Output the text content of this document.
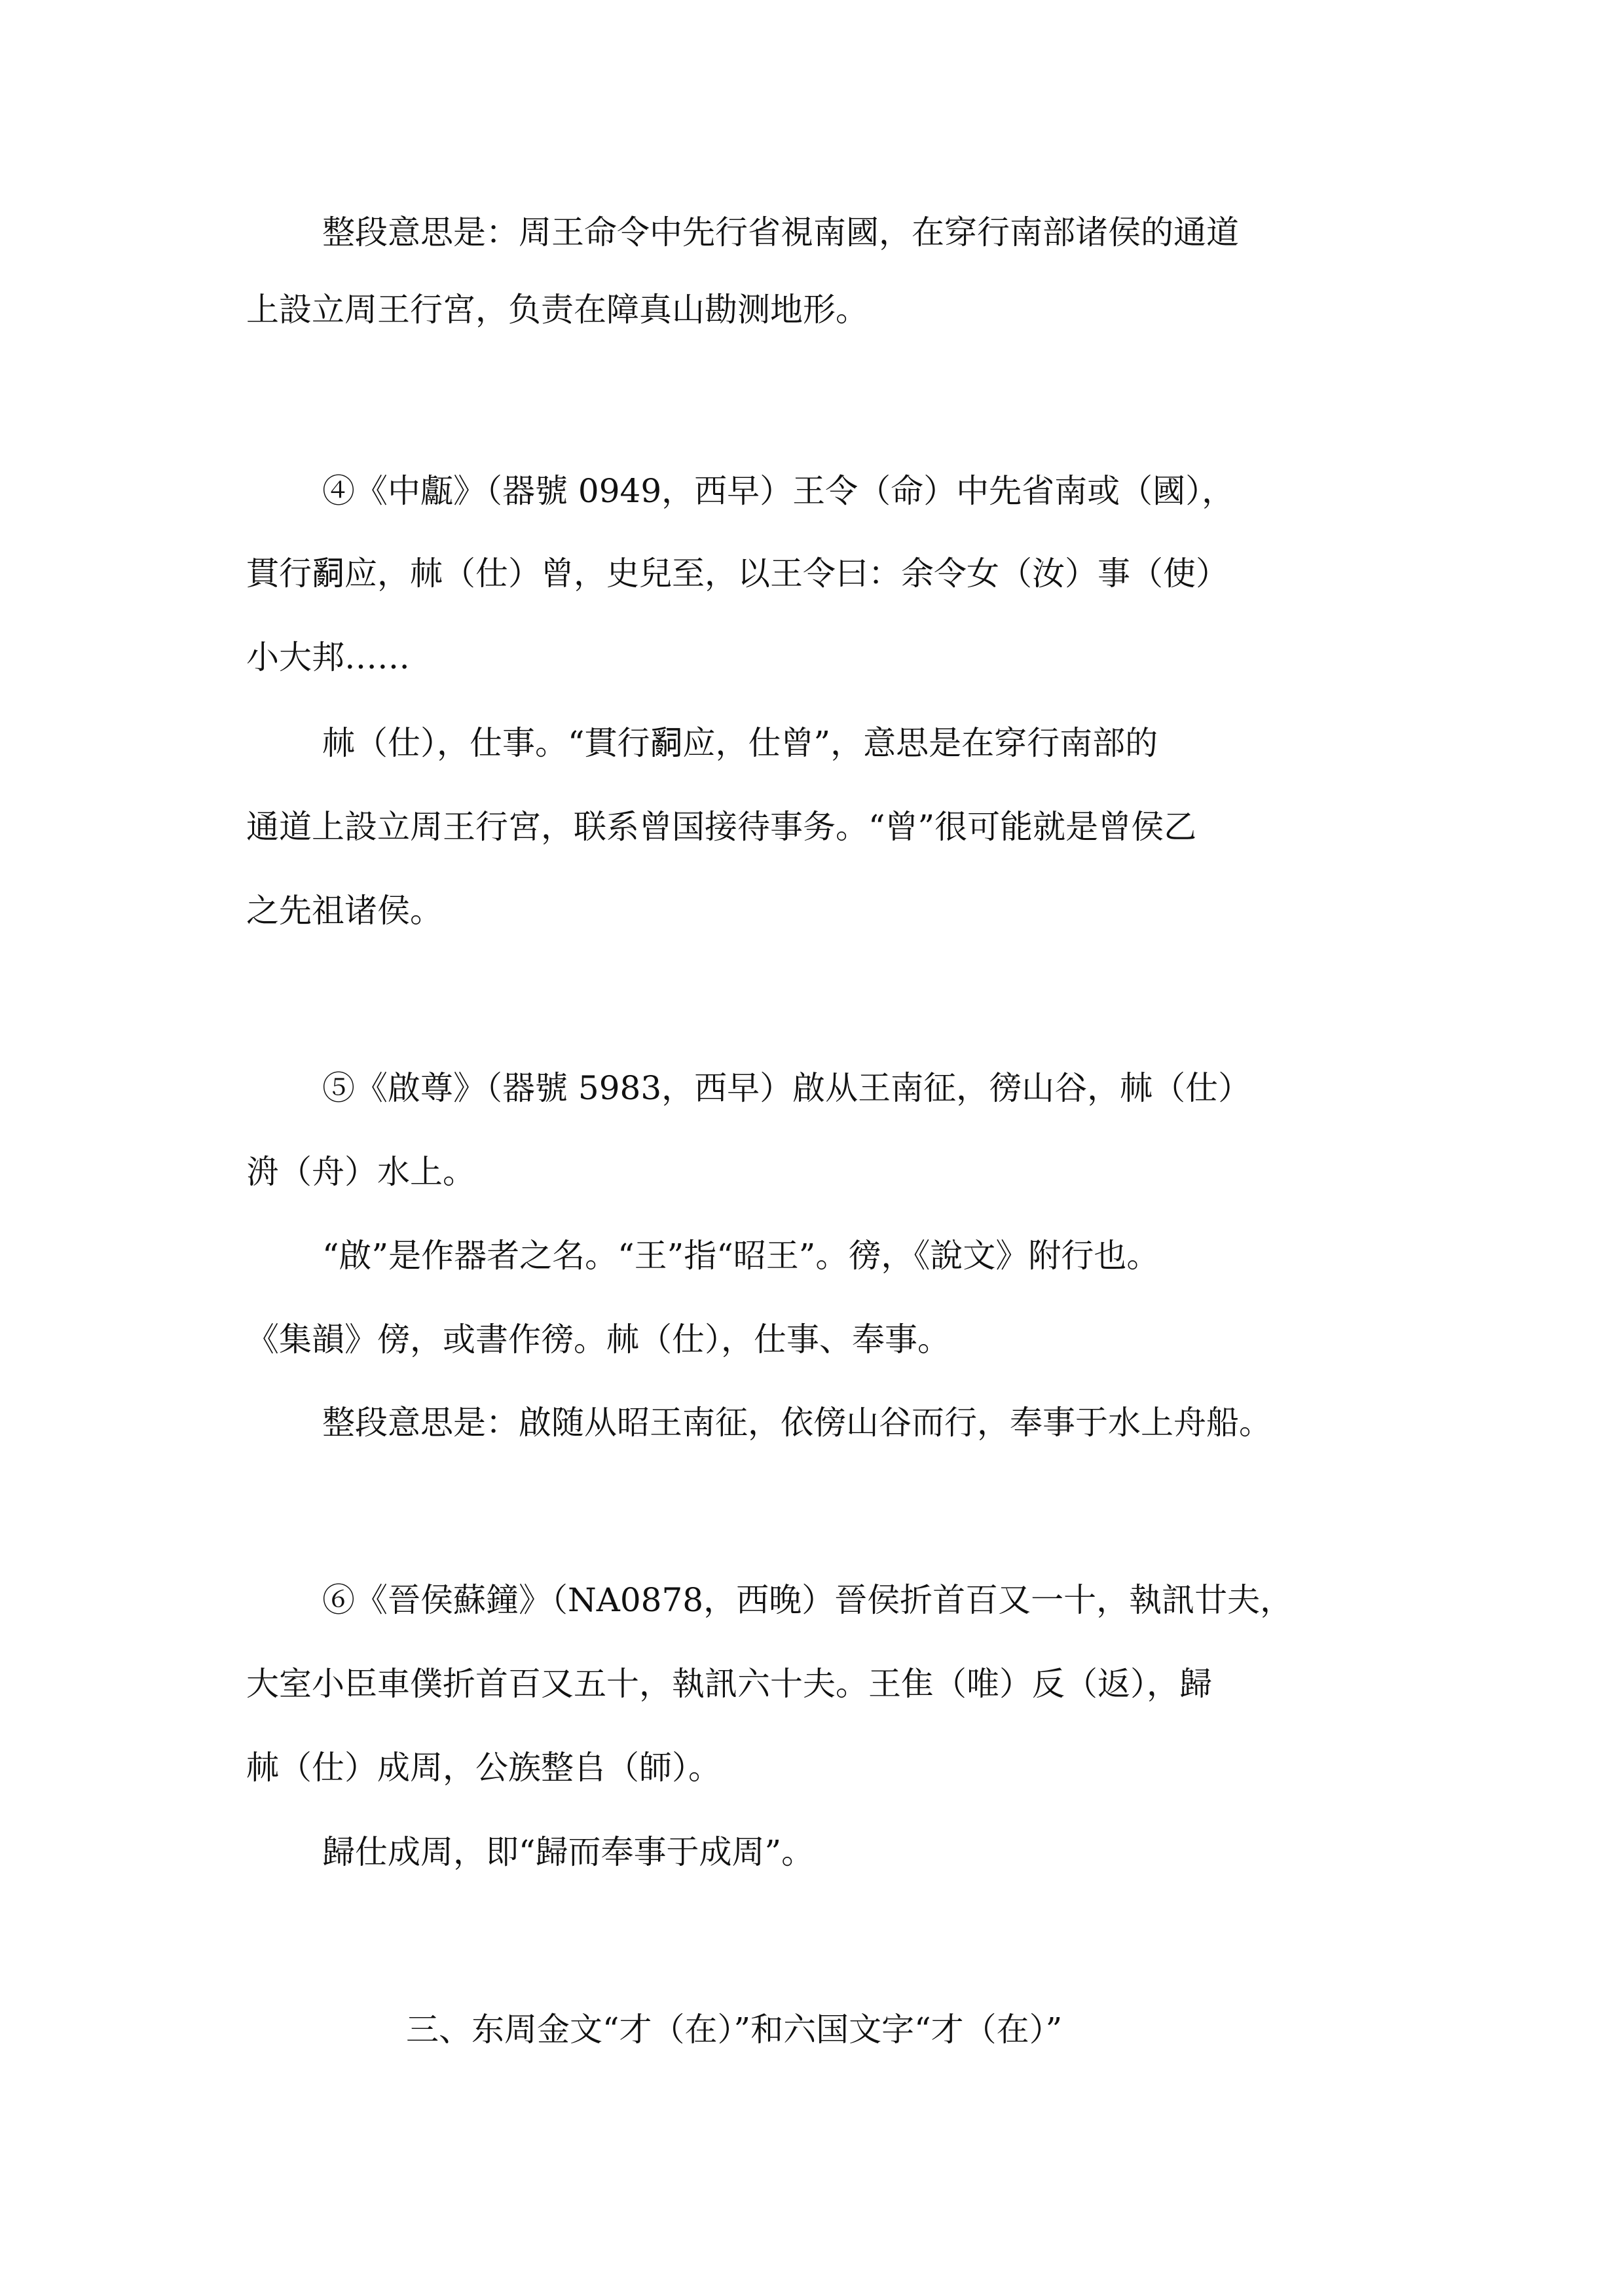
整段意思是：周王命令中先行省視南國，在穿行南部诸侯的通道

上設立周王行宮，负责在障真山勘测地形。

④《中甗》（器號 0949，西早）王令（命）中先省南或（國），

貫行𤔲应，𣏟（仕）曾，史兒至，以王令曰：余令女（汝）事（使）

小大邦……

𣏟（仕），仕事。“貫行𤔲应，仕曾”，意思是在穿行南部的

通道上設立周王行宮，联系曾国接待事务。“曾”很可能就是曾侯乙

之先祖诸侯。

⑤《啟尊》（器號 5983，西早）啟从王南征，徬山谷，𣏟（仕）

洀（舟）水上。

“啟”是作器者之名。“王”指“昭王”。徬，《說文》附行也。

《集韻》傍，或書作徬。𣏟（仕），仕事、奉事。

整段意思是：啟随从昭王南征，依傍山谷而行，奉事于水上舟船。

⑥《晉侯蘇鐘》（NA0878，西晚）晉侯折首百又一十，執訊廿夫，

大室小臣車僕折首百又五十，執訊六十夫。王隹（唯）反（返），歸

𣏟（仕）成周，公族整𠂤（師）。

歸仕成周，即“歸而奉事于成周”。

三、东周金文“才（在）”和六国文字“才（在）”
